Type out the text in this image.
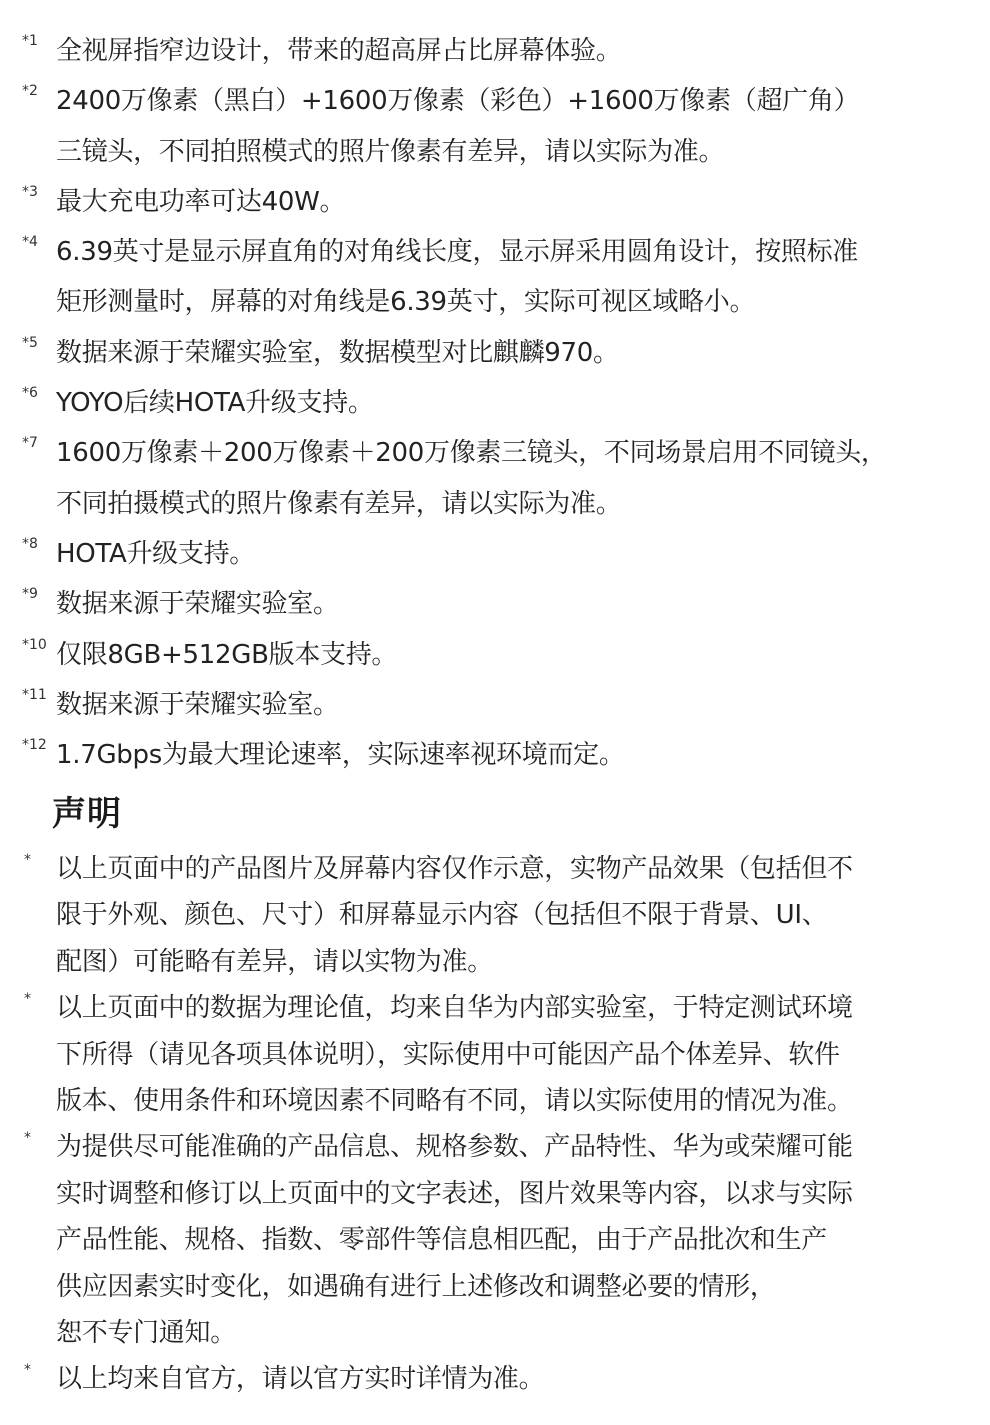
*1 全视屏指窄边设计，带来的超高屏占比屏幕体验。
*2 2400万像素（黑白）+1600万像素（彩色）+1600万像素（超广角）
三镜头，不同拍照模式的照片像素有差异，请以实际为准。
*3 最大充电功率可达40W。
*4 6.39英寸是显示屏直角的对角线长度，显示屏采用圆角设计，按照标准
矩形测量时，屏幕的对角线是6.39英寸，实际可视区域略小。
*5 数据来源于荣耀实验室，数据模型对比麒麟970。
*6 YOYO后续HOTA升级支持。
*7 1600万像素＋200万像素＋200万像素三镜头，不同场景启用不同镜头，
不同拍摄模式的照片像素有差异，请以实际为准。
*8 HOTA升级支持。
*9 数据来源于荣耀实验室。
*10 仅限8GB+512GB版本支持。
*11 数据来源于荣耀实验室。
*12 1.7Gbps为最大理论速率，实际速率视环境而定。
声明
* 以上页面中的产品图片及屏幕内容仅作示意，实物产品效果（包括但不
限于外观、颜色、尺寸）和屏幕显示内容（包括但不限于背景、UI、
配图）可能略有差异，请以实物为准。
* 以上页面中的数据为理论值，均来自华为内部实验室，于特定测试环境
下所得（请见各项具体说明），实际使用中可能因产品个体差异、软件
版本、使用条件和环境因素不同略有不同，请以实际使用的情况为准。
* 为提供尽可能准确的产品信息、规格参数、产品特性、华为或荣耀可能
实时调整和修订以上页面中的文字表述，图片效果等内容，以求与实际
产品性能、规格、指数、零部件等信息相匹配，由于产品批次和生产
供应因素实时变化，如遇确有进行上述修改和调整必要的情形，
恕不专门通知。
* 以上均来自官方，请以官方实时详情为准。
